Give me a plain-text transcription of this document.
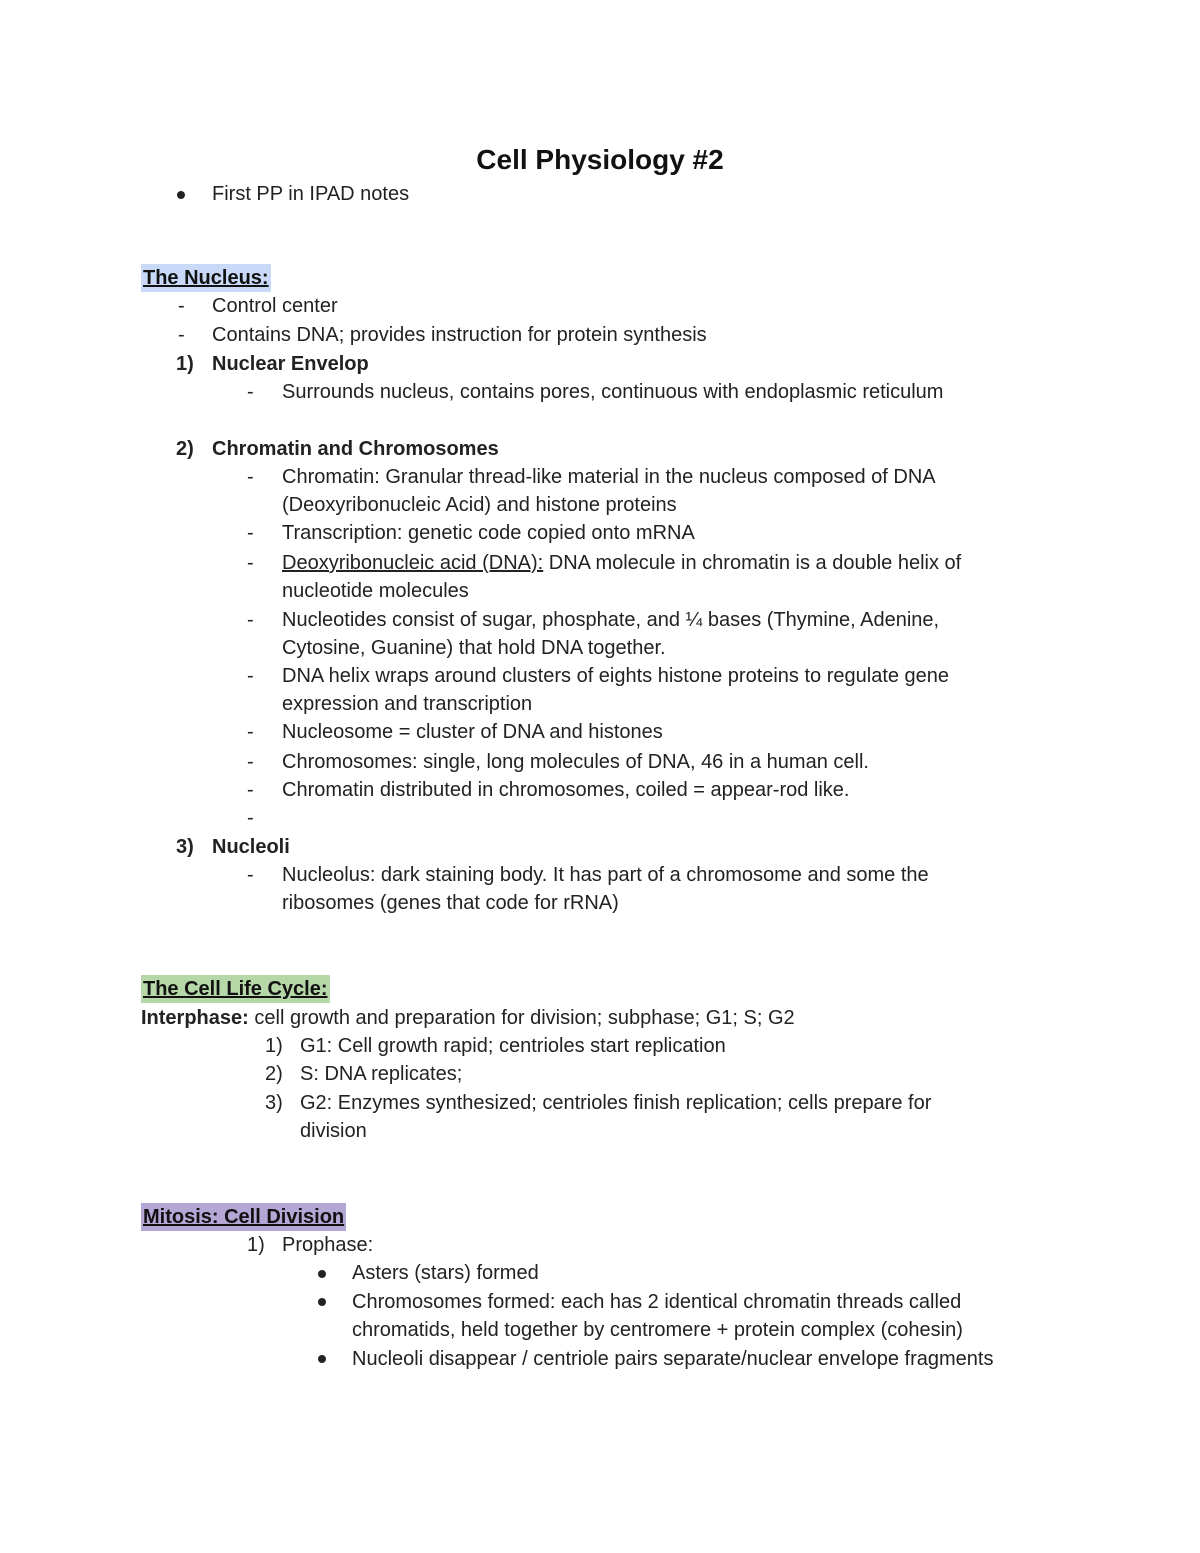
Cell Physiology #2
First PP in IPAD notes
The Nucleus:
- Control center
- Contains DNA; provides instruction for protein synthesis
1) Nuclear Envelop
- Surrounds nucleus, contains pores, continuous with endoplasmic reticulum
2) Chromatin and Chromosomes
- Chromatin: Granular thread-like material in the nucleus composed of DNA
(Deoxyribonucleic Acid) and histone proteins
- Transcription: genetic code copied onto mRNA
- Deoxyribonucleic acid (DNA): DNA molecule in chromatin is a double helix of
nucleotide molecules
- Nucleotides consist of sugar, phosphate, and ¼ bases (Thymine, Adenine,
Cytosine, Guanine) that hold DNA together.
- DNA helix wraps around clusters of eights histone proteins to regulate gene
expression and transcription
- Nucleosome = cluster of DNA and histones
- Chromosomes: single, long molecules of DNA, 46 in a human cell.
- Chromatin distributed in chromosomes, coiled = appear-rod like.
-
3) Nucleoli
- Nucleolus: dark staining body. It has part of a chromosome and some the
ribosomes (genes that code for rRNA)
The Cell Life Cycle:
Interphase: cell growth and preparation for division; subphase; G1; S; G2
1) G1: Cell growth rapid; centrioles start replication
2) S: DNA replicates;
3) G2: Enzymes synthesized; centrioles finish replication; cells prepare for
division
Mitosis: Cell Division
1) Prophase:
Asters (stars) formed
Chromosomes formed: each has 2 identical chromatin threads called
chromatids, held together by centromere + protein complex (cohesin)
Nucleoli disappear / centriole pairs separate/nuclear envelope fragments
